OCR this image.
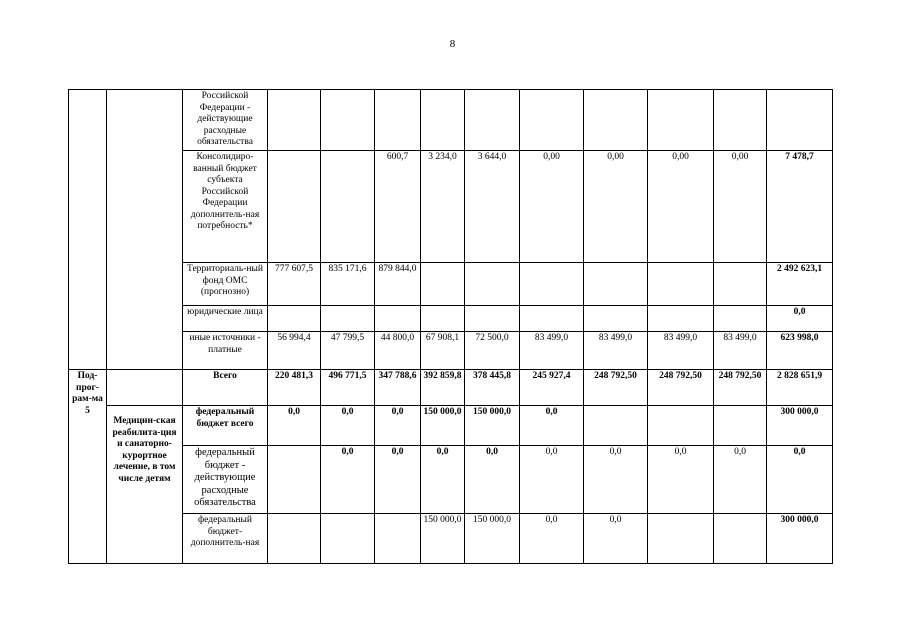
8
		Российской Федерации - действующие расходные обязательства										
		Консолидиро-ванный бюджет субъекта Российской Федерации дополнитель-ная потребность*			600,7	3 234,0	3 644,0	0,00	0,00	0,00	0,00	7 478,7
		Территориаль-ный фонд ОМС (прогнозно)	777 607,5	835 171,6	879 844,0							2 492 623,1
		юридические лица										0,0
		иные источники - платные	56 994,4	47 799,5	44 800,0	67 908,1	72 500,0	83 499,0	83 499,0	83 499,0	83 499,0	623 998,0
Под-прог-рам-ма 5		Всего	220 481,3	496 771,5	347 788,6	392 859,8	378 445,8	245 927,4	248 792,50	248 792,50	248 792,50	2 828 651,9
	Медицин-ская реабилита-ция и санаторно-курортное лечение, в том числе детям	федеральный бюджет всего	0,0	0,0	0,0	150 000,0	150 000,0	0,0				300 000,0
		федеральный бюджет - действующие расходные обязательства		0,0	0,0	0,0	0,0	0,0	0,0	0,0	0,0	0,0
		федеральный бюджет- дополнитель-ная				150 000,0	150 000,0	0,0	0,0			300 000,0
